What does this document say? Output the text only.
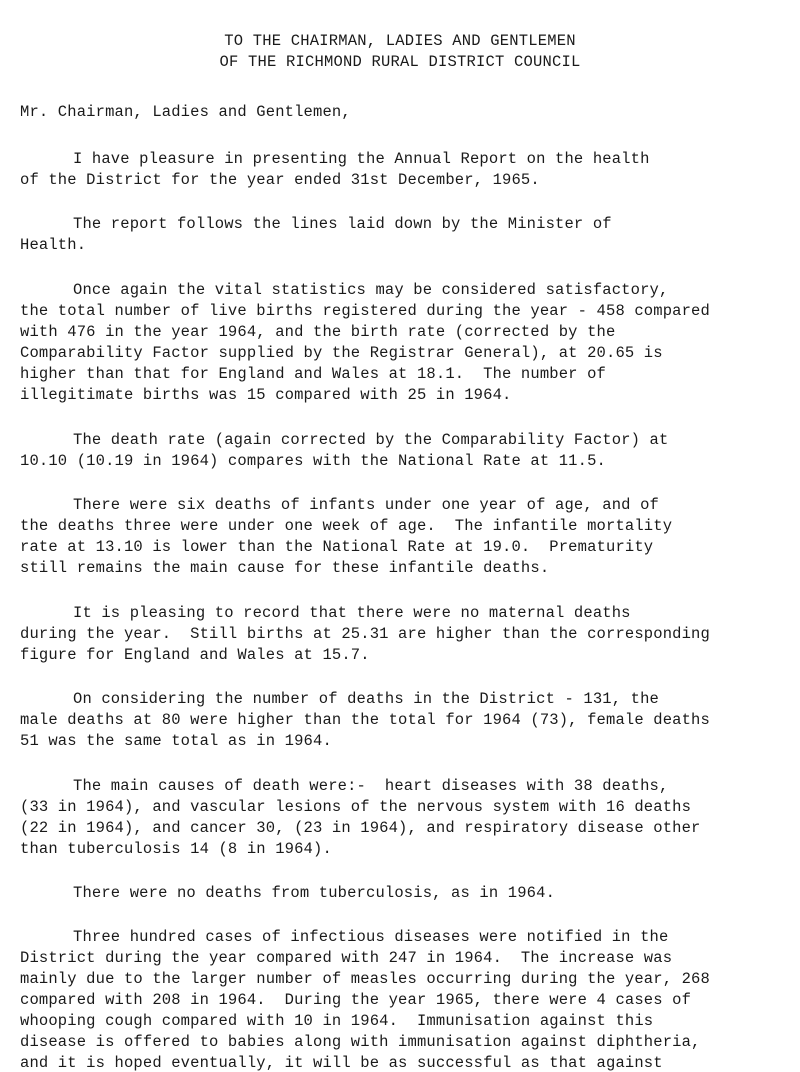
TO THE CHAIRMAN, LADIES AND GENTLEMEN
OF THE RICHMOND RURAL DISTRICT COUNCIL
Mr. Chairman, Ladies and Gentlemen,
I have pleasure in presenting the Annual Report on the health
of the District for the year ended 31st December, 1965.
The report follows the lines laid down by the Minister of
Health.
Once again the vital statistics may be considered satisfactory,
the total number of live births registered during the year - 458 compared
with 476 in the year 1964, and the birth rate (corrected by the
Comparability Factor supplied by the Registrar General), at 20.65 is
higher than that for England and Wales at 18.1.  The number of
illegitimate births was 15 compared with 25 in 1964.
The death rate (again corrected by the Comparability Factor) at
10.10 (10.19 in 1964) compares with the National Rate at 11.5.
There were six deaths of infants under one year of age, and of
the deaths three were under one week of age.  The infantile mortality
rate at 13.10 is lower than the National Rate at 19.0.  Prematurity
still remains the main cause for these infantile deaths.
It is pleasing to record that there were no maternal deaths
during the year.  Still births at 25.31 are higher than the corresponding
figure for England and Wales at 15.7.
On considering the number of deaths in the District - 131, the
male deaths at 80 were higher than the total for 1964 (73), female deaths
51 was the same total as in 1964.
The main causes of death were:-  heart diseases with 38 deaths,
(33 in 1964), and vascular lesions of the nervous system with 16 deaths
(22 in 1964), and cancer 30, (23 in 1964), and respiratory disease other
than tuberculosis 14 (8 in 1964).
There were no deaths from tuberculosis, as in 1964.
Three hundred cases of infectious diseases were notified in the
District during the year compared with 247 in 1964.  The increase was
mainly due to the larger number of measles occurring during the year, 268
compared with 208 in 1964.  During the year 1965, there were 4 cases of
whooping cough compared with 10 in 1964.  Immunisation against this
disease is offered to babies along with immunisation against diphtheria,
and it is hoped eventually, it will be as successful as that against
